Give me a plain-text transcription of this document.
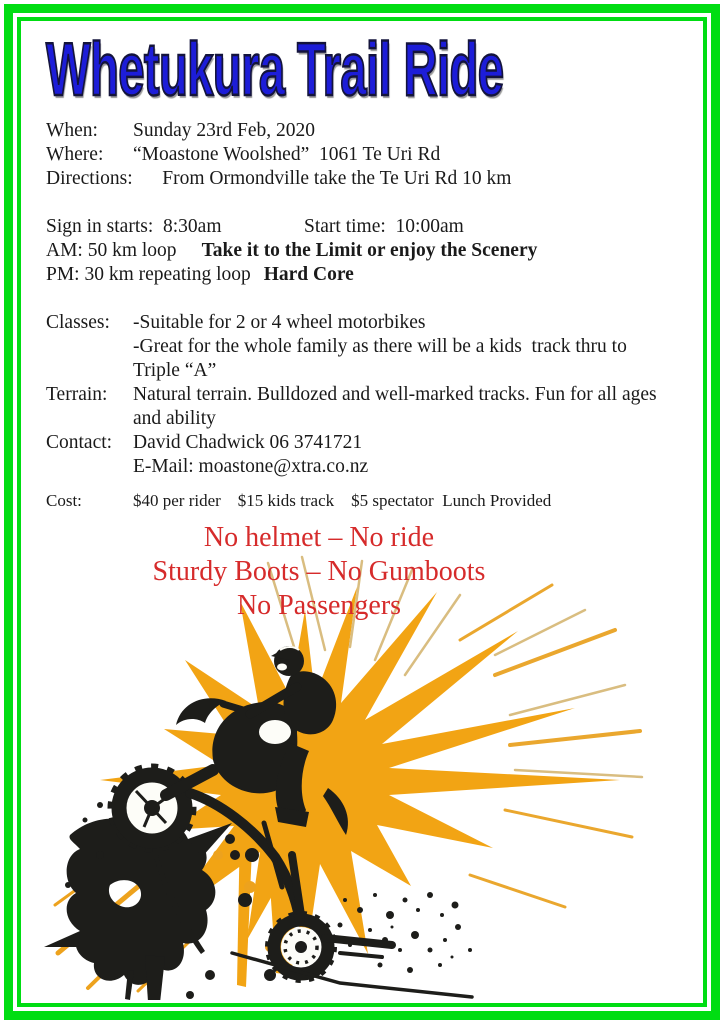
Whetukura Trail Ride
When:	Sunday 23rd Feb, 2020
Where:	“Moastone Woolshed”  1061 Te Uri Rd
Directions: From Ormondville take the Te Uri Rd 10 km
Sign in starts:  8:30am	Start time:  10:00am
AM: 50 km loop Take it to the Limit or enjoy the Scenery
PM: 30 km repeating loop Hard Core
Classes:	-Suitable for 2 or 4 wheel motorbikes
-Great for the whole family as there will be a kids  track thru to
Triple “A”
Terrain:	Natural terrain. Bulldozed and well-marked tracks. Fun for all ages
and ability
Contact:	David Chadwick 06 3741721
E-Mail: moastone@xtra.co.nz
Cost:	$40 per rider    $15 kids track    $5 spectator  Lunch Provided
No helmet – No ride
Sturdy Boots – No Gumboots
No Passengers
